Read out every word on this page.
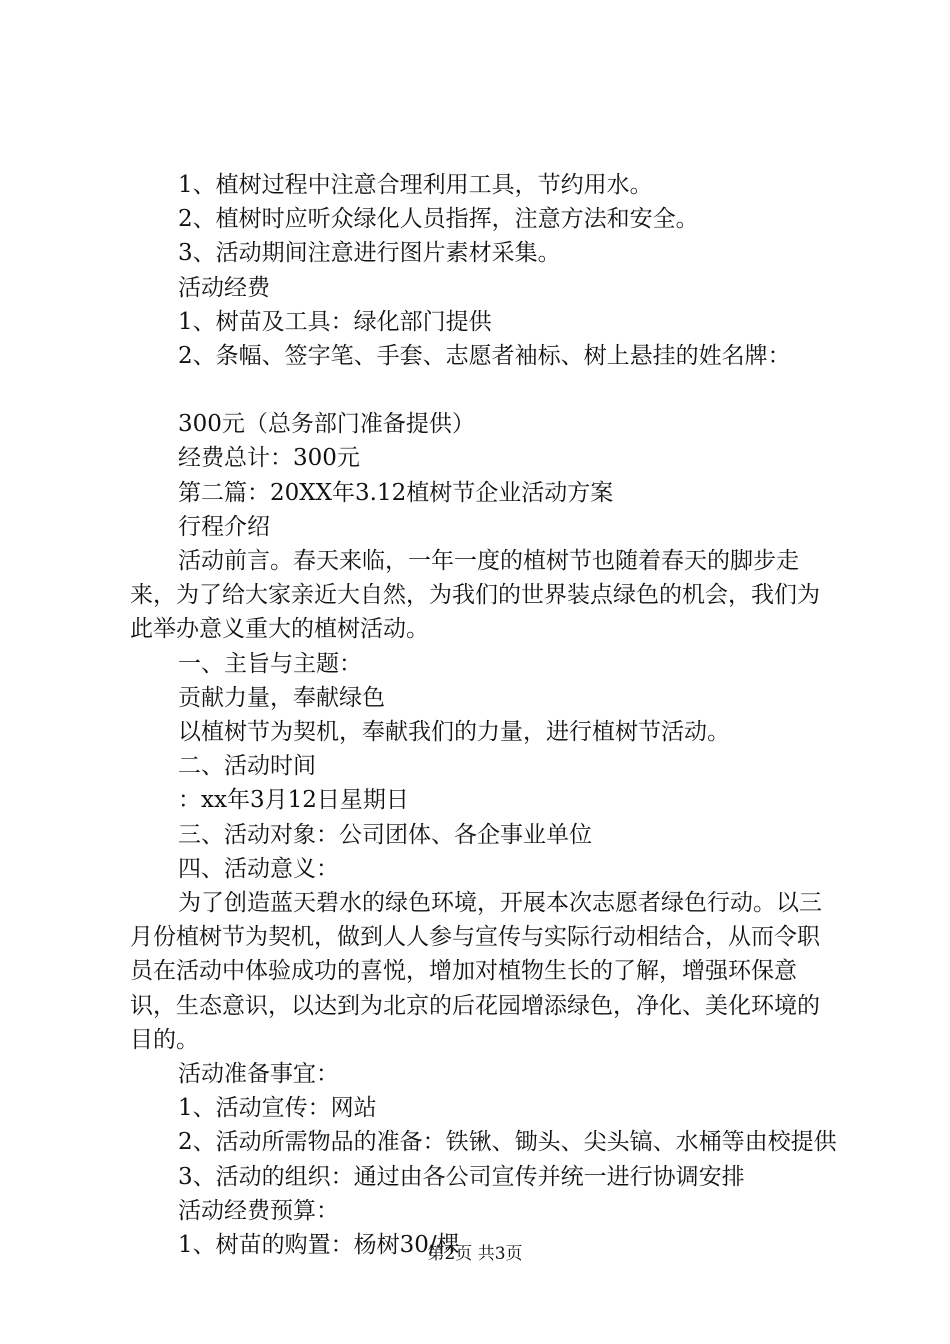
1、植树过程中注意合理利用工具，节约用水。

2、植树时应听众绿化人员指挥，注意方法和安全。

3、活动期间注意进行图片素材采集。

活动经费

1、树苗及工具：绿化部门提供

2、条幅、签字笔、手套、志愿者袖标、树上悬挂的姓名牌：

300元（总务部门准备提供）

经费总计：300元

第二篇：20XX年3.12植树节企业活动方案

行程介绍

活动前言。春天来临，一年一度的植树节也随着春天的脚步走来，为了给大家亲近大自然，为我们的世界装点绿色的机会，我们为此举办意义重大的植树活动。

一、主旨与主题：

贡献力量，奉献绿色

以植树节为契机，奉献我们的力量，进行植树节活动。

二、活动时间

：xx年3月12日星期日

三、活动对象：公司团体、各企事业单位

四、活动意义：

为了创造蓝天碧水的绿色环境，开展本次志愿者绿色行动。以三月份植树节为契机，做到人人参与宣传与实际行动相结合，从而令职员在活动中体验成功的喜悦，增加对植物生长的了解，增强环保意识，生态意识，以达到为北京的后花园增添绿色，净化、美化环境的目的。

活动准备事宜：

1、活动宣传：网站

2、活动所需物品的准备：铁锹、锄头、尖头镐、水桶等由校提供

3、活动的组织：通过由各公司宣传并统一进行协调安排

活动经费预算：

1、树苗的购置：杨树30/棵

第2页 共3页
